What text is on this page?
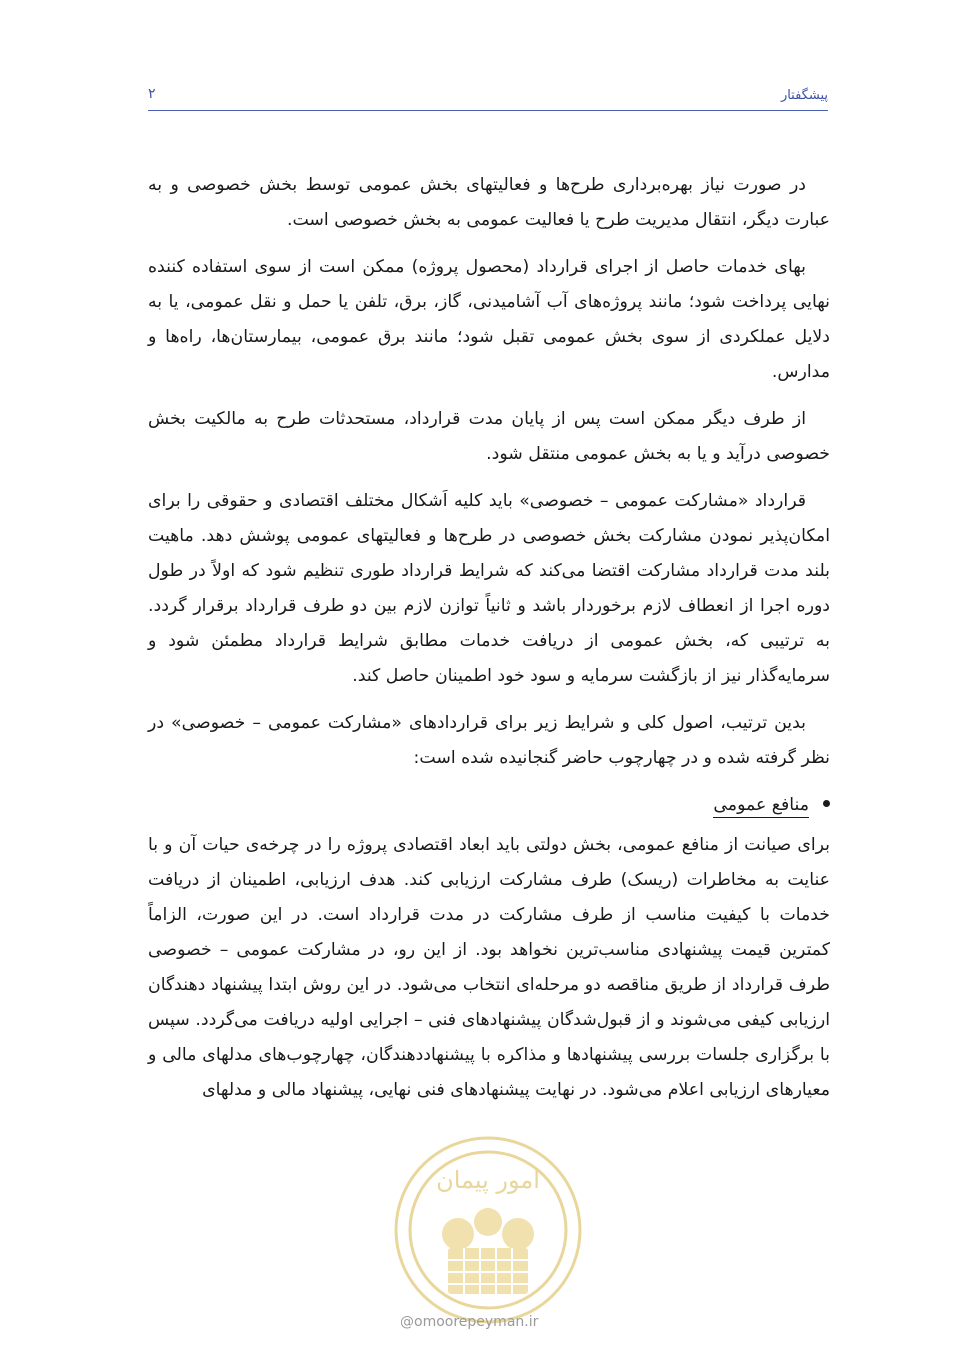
۲	پیشگفتار

در صورت نیاز بهره‌برداری طرح‌ها و فعالیتهای بخش عمومی توسط بخش خصوصی و به عبارت دیگر، انتقال مدیریت طرح یا فعالیت عمومی به بخش خصوصی است.

بهای خدمات حاصل از اجرای قرارداد (محصول پروژه) ممکن است از سوی استفاده کننده نهایی پرداخت شود؛ مانند پروژه‌های آب آشامیدنی، گاز، برق، تلفن یا حمل و نقل عمومی، یا به دلایل عملکردی از سوی بخش عمومی تقبل شود؛ مانند برق عمومی، بیمارستان‌ها، راه‌ها و مدارس.

از طرف دیگر ممکن است پس از پایان مدت قرارداد، مستحدثات طرح به مالکیت بخش خصوصی درآید و یا به بخش عمومی منتقل شود.

قرارداد «مشارکت عمومی – خصوصی» باید کلیه اَشکال مختلف اقتصادی و حقوقی را برای امکان‌پذیر نمودن مشارکت بخش خصوصی در طرح‌ها و فعالیتهای عمومی پوشش دهد. ماهیت بلند مدت قرارداد مشارکت اقتضا می‌کند که شرایط قرارداد طوری تنظیم شود که اولاً در طول دوره اجرا از انعطاف لازم برخوردار باشد و ثانیاً توازن لازم بین دو طرف قرارداد برقرار گردد. به ترتیبی که، بخش عمومی از دریافت خدمات مطابق شرایط قرارداد مطمئن شود و سرمایه‌گذار نیز از بازگشت سرمایه و سود خود اطمینان حاصل کند.

بدین ترتیب، اصول کلی و شرایط زیر برای قراردادهای «مشارکت عمومی – خصوصی» در نظر گرفته شده و در چهارچوب حاضر گنجانیده شده است:

منافع عمومی

برای صیانت از منافع عمومی، بخش دولتی باید ابعاد اقتصادی پروژه را در چرخه‌ی حیات آن و با عنایت به مخاطرات (ریسک) طرف مشارکت ارزیابی کند. هدف ارزیابی، اطمینان از دریافت خدمات با کیفیت مناسب از طرف مشارکت در مدت قرارداد است. در این صورت، الزاماً کمترین قیمت پیشنهادی مناسب‌ترین نخواهد بود. از این رو، در مشارکت عمومی – خصوصی طرف قرارداد از طریق مناقصه دو مرحله‌ای انتخاب می‌شود. در این روش ابتدا پیشنهاد دهندگان ارزیابی کیفی می‌شوند و از قبول‌شدگان پیشنهادهای فنی – اجرایی اولیه دریافت می‌گردد. سپس با برگزاری جلسات بررسی پیشنهادها و مذاکره با پیشنهاددهندگان، چهارچوب‌های مدلهای مالی و معیارهای ارزیابی اعلام می‌شود. در نهایت پیشنهادهای فنی نهایی، پیشنهاد مالی و مدلهای

امور پیمان
@omoorepeyman.ir
